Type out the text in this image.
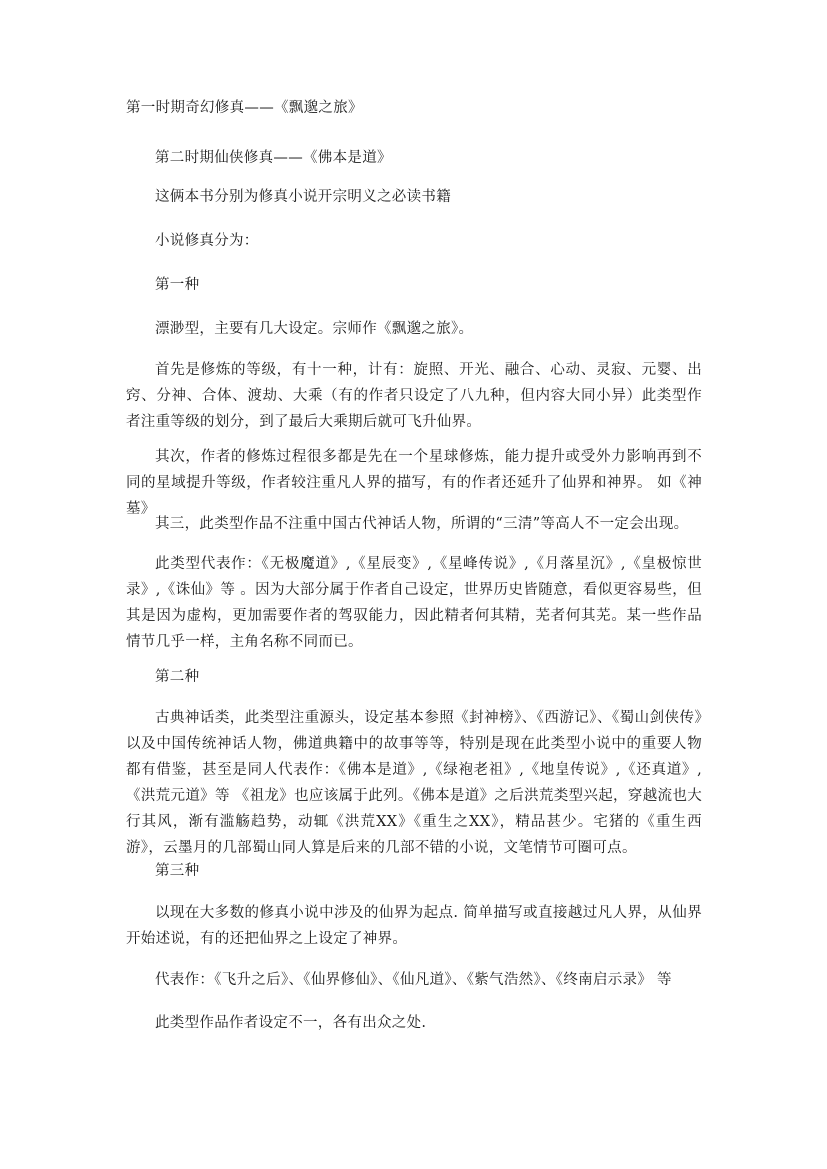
第一时期奇幻修真——《飘邈之旅》

第二时期仙侠修真——《佛本是道》

这俩本书分别为修真小说开宗明义之必读书籍

小说修真分为：

第一种

漂渺型，主要有几大设定。宗师作《飘邈之旅》。

首先是修炼的等级，有十一种，计有：旋照、开光、融合、心动、灵寂、元婴、出窍、分神、合体、渡劫、大乘（有的作者只设定了八九种，但内容大同小异）此类型作者注重等级的划分，到了最后大乘期后就可飞升仙界。

其次，作者的修炼过程很多都是先在一个星球修炼，能力提升或受外力影响再到不同的星域提升等级，作者较注重凡人界的描写，有的作者还延升了仙界和神界。 如《神墓》

其三，此类型作品不注重中国古代神话人物，所谓的“三清”等高人不一定会出现。

此类型代表作：《无极魔道》,《星辰变》,《星峰传说》,《月落星沉》,《皇极惊世录》,《诛仙》等 。因为大部分属于作者自己设定，世界历史皆随意，看似更容易些，但其是因为虚构，更加需要作者的驾驭能力，因此精者何其精，芜者何其芜。某一些作品情节几乎一样，主角名称不同而已。

第二种

古典神话类，此类型注重源头，设定基本参照《封神榜》、《西游记》、《蜀山剑侠传》以及中国传统神话人物，佛道典籍中的故事等等，特别是现在此类型小说中的重要人物都有借鉴，甚至是同人代表作：《佛本是道》,《绿袍老祖》,《地皇传说》,《还真道》,《洪荒元道》等 《祖龙》也应该属于此列。《佛本是道》之后洪荒类型兴起，穿越流也大行其风，渐有滥觞趋势，动辄《洪荒XX》《重生之XX》，精品甚少。宅猪的《重生西游》，云墨月的几部蜀山同人算是后来的几部不错的小说，文笔情节可圈可点。

第三种

以现在大多数的修真小说中涉及的仙界为起点. 简单描写或直接越过凡人界，从仙界开始述说，有的还把仙界之上设定了神界。

代表作：《飞升之后》、《仙界修仙》、《仙凡道》、《紫气浩然》、《终南启示录》 等

此类型作品作者设定不一，各有出众之处.
